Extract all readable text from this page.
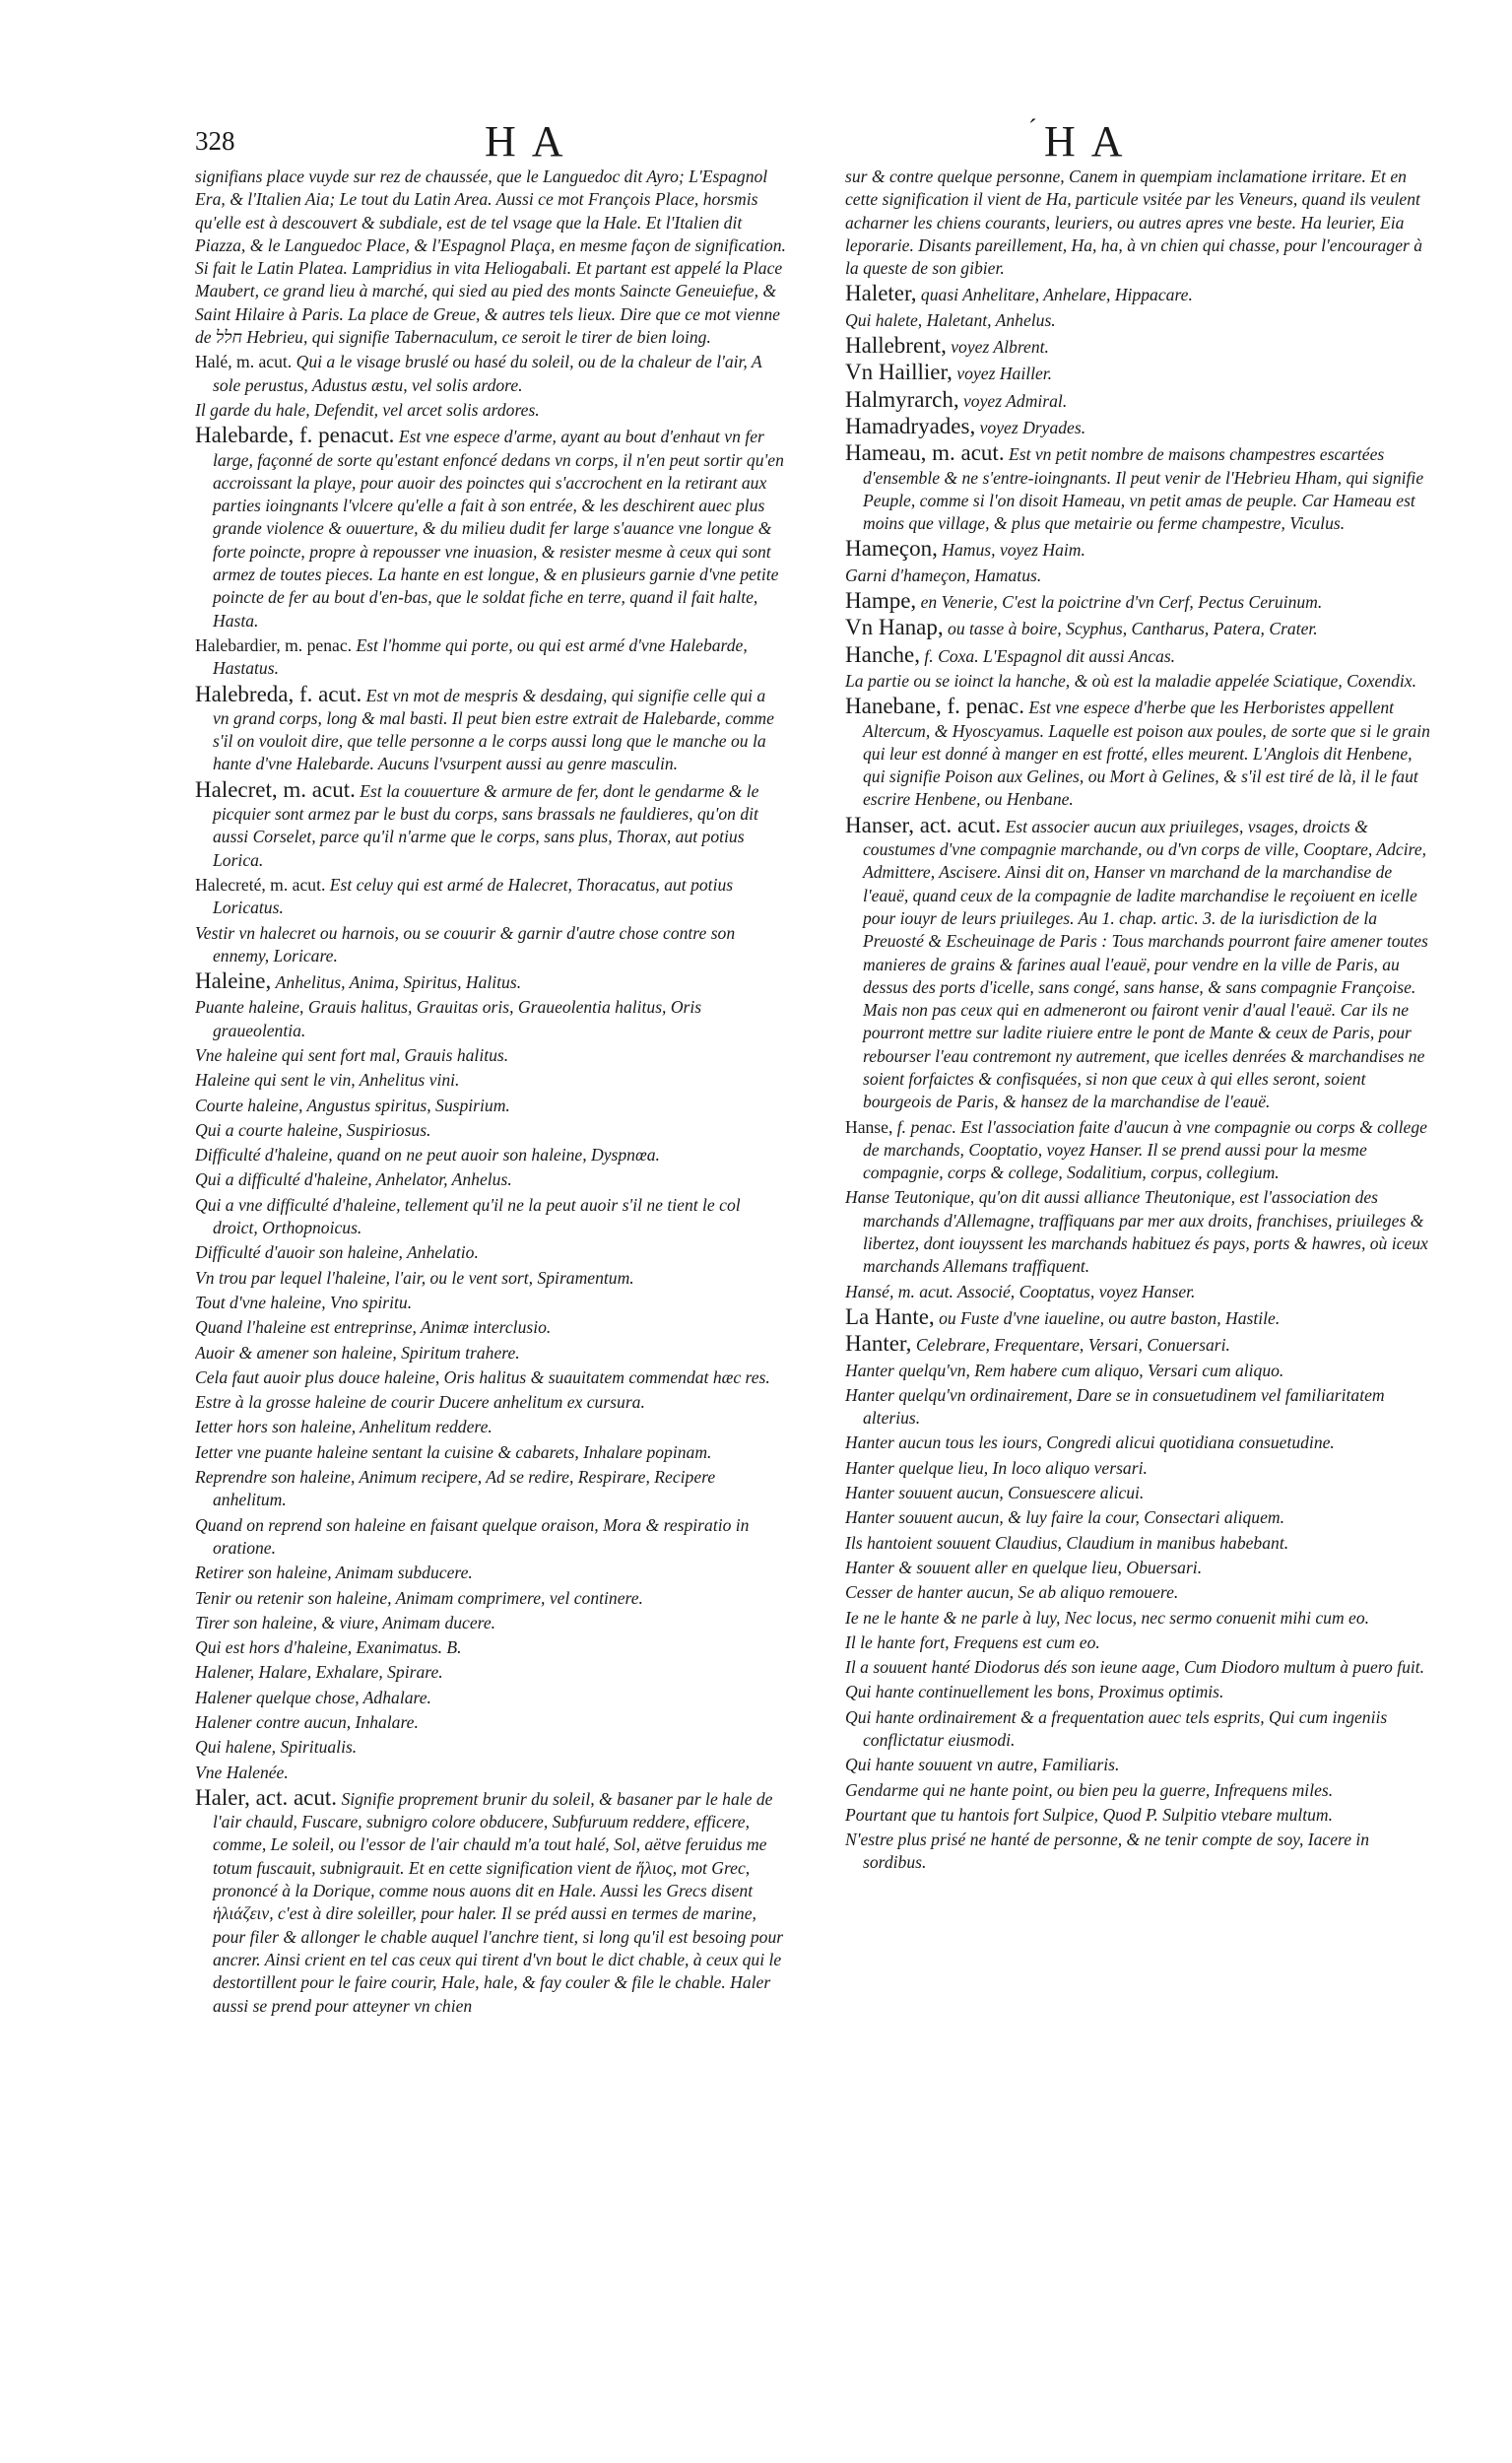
328	HA	´ HA

signifians place vuyde sur rez de chaussée, que le Languedoc dit Ayro; L'Espagnol Era, & l'Italien Aia; Le tout du Latin Area. Aussi ce mot François Place, horsmis qu'elle est à descouvert & subdiale, est de tel vsage que la Hale. Et l'Italien dit Piazza, & le Languedoc Place, & l'Espagnol Plaça, en mesme façon de signification. Si fait le Latin Platea. Lampridius in vita Heliogabali. Et partant est appelé la Place Maubert, ce grand lieu à marché, qui sied au pied des monts Saincte Geneuiefue, & Saint Hilaire à Paris. La place de Greue, & autres tels lieux. Dire que ce mot vienne de חלל Hebrieu, qui signifie Tabernaculum, ce seroit le tirer de bien loing.

Halé, m. acut. Qui a le visage bruslé ou hasé du soleil, ou de la chaleur de l'air, A sole perustus, Adustus æstu, vel solis ardore.

Il garde du hale, Defendit, vel arcet solis ardores.

Halebarde, f. penacut. Est vne espece d'arme, ayant au bout d'enhaut vn fer large, façonné de sorte qu'estant enfoncé dedans vn corps, il n'en peut sortir qu'en accroissant la playe, pour auoir des poinctes qui s'accrochent en la retirant aux parties ioingnants l'vlcere qu'elle a fait à son entrée, & les deschirent auec plus grande violence & ouuerture, & du milieu dudit fer large s'auance vne longue & forte poincte, propre à repousser vne inuasion, & resister mesme à ceux qui sont armez de toutes pieces. La hante en est longue, & en plusieurs garnie d'vne petite poincte de fer au bout d'en-bas, que le soldat fiche en terre, quand il fait halte, Hasta.

Halebardier, m. penac. Est l'homme qui porte, ou qui est armé d'vne Halebarde, Hastatus.

Halebreda, f. acut. Est vn mot de mespris & desdaing, qui signifie celle qui a vn grand corps, long & mal basti. Il peut bien estre extrait de Halebarde, comme s'il on vouloit dire, que telle personne a le corps aussi long que le manche ou la hante d'vne Halebarde. Aucuns l'vsurpent aussi au genre masculin.

Halecret, m. acut. Est la couuerture & armure de fer, dont le gendarme & le picquier sont armez par le bust du corps, sans brassals ne fauldieres, qu'on dit aussi Corselet, parce qu'il n'arme que le corps, sans plus, Thorax, aut potius Lorica.

Halecreté, m. acut. Est celuy qui est armé de Halecret, Thoracatus, aut potius Loricatus.

Vestir vn halecret ou harnois, ou se couurir & garnir d'autre chose contre son ennemy, Loricare.

Haleine, Anhelitus, Anima, Spiritus, Halitus.

Puante haleine, Grauis halitus, Grauitas oris, Graueolentia halitus, Oris graueolentia.

Vne haleine qui sent fort mal, Grauis halitus.

Haleine qui sent le vin, Anhelitus vini.

Courte haleine, Angustus spiritus, Suspirium.

Qui a courte haleine, Suspiriosus.

Difficulté d'haleine, quand on ne peut auoir son haleine, Dyspnœa.

Qui a difficulté d'haleine, Anhelator, Anhelus.

Qui a vne difficulté d'haleine, tellement qu'il ne la peut auoir s'il ne tient le col droict, Orthopnoicus.

Difficulté d'auoir son haleine, Anhelatio.

Vn trou par lequel l'haleine, l'air, ou le vent sort, Spiramentum.

Tout d'vne haleine, Vno spiritu.

Quand l'haleine est entreprinse, Animæ interclusio.

Auoir & amener son haleine, Spiritum trahere.

Cela faut auoir plus douce haleine, Oris halitus & suauitatem commendat hæc res.

Estre à la grosse haleine de courir Ducere anhelitum ex cursura.

Ietter hors son haleine, Anhelitum reddere.

Ietter vne puante haleine sentant la cuisine & cabarets, Inhalare popinam.

Reprendre son haleine, Animum recipere, Ad se redire, Respirare, Recipere anhelitum.

Quand on reprend son haleine en faisant quelque oraison, Mora & respiratio in oratione.

Retirer son haleine, Animam subducere.

Tenir ou retenir son haleine, Animam comprimere, vel continere.

Tirer son haleine, & viure, Animam ducere.

Qui est hors d'haleine, Exanimatus. B.

Halener, Halare, Exhalare, Spirare.

Halener quelque chose, Adhalare.

Halener contre aucun, Inhalare.

Qui halene, Spiritualis.

Vne Halenée.

Haler, act. acut. Signifie proprement brunir du soleil, & basaner par le hale de l'air chauld, Fuscare, subnigro colore obducere, Subfuruum reddere, efficere, comme, Le soleil, ou l'essor de l'air chauld m'a tout halé, Sol, aëtve feruidus me totum fuscauit, subnigrauit. Et en cette signification vient de ἥλιος, mot Grec, prononcé à la Dorique, comme nous auons dit en Hale. Aussi les Grecs disent ἡλιάζειν, c'est à dire soleiller, pour haler. Il se préd aussi en termes de marine, pour filer & allonger le chable auquel l'anchre tient, si long qu'il est besoing pour ancrer. Ainsi crient en tel cas ceux qui tirent d'vn bout le dict chable, à ceux qui le destortillent pour le faire courir, Hale, hale, & fay couler & file le chable. Haler aussi se prend pour atteyner vn chien

sur & contre quelque personne, Canem in quempiam inclamatione irritare. Et en cette signification il vient de Ha, particule vsitée par les Veneurs, quand ils veulent acharner les chiens courants, leuriers, ou autres apres vne beste. Ha leurier, Eia leporarie. Disants pareillement, Ha, ha, à vn chien qui chasse, pour l'encourager à la queste de son gibier.

Haleter, quasi Anhelitare, Anhelare, Hippacare.

Qui halete, Haletant, Anhelus.

Hallebrent, voyez Albrent.

Vn Haillier, voyez Hailler.

Halmyrarch, voyez Admiral.

Hamadryades, voyez Dryades.

Hameau, m. acut. Est vn petit nombre de maisons champestres escartées d'ensemble & ne s'entre-ioingnants. Il peut venir de l'Hebrieu Hham, qui signifie Peuple, comme si l'on disoit Hameau, vn petit amas de peuple. Car Hameau est moins que village, & plus que metairie ou ferme champestre, Viculus.

Hameçon, Hamus, voyez Haim.

Garni d'hameçon, Hamatus.

Hampe, en Venerie, C'est la poictrine d'vn Cerf, Pectus Ceruinum.

Vn Hanap, ou tasse à boire, Scyphus, Cantharus, Patera, Crater.

Hanche, f. Coxa. L'Espagnol dit aussi Ancas.

La partie ou se ioinct la hanche, & où est la maladie appelée Sciatique, Coxendix.

Hanebane, f. penac. Est vne espece d'herbe que les Herboristes appellent Altercum, & Hyoscyamus. Laquelle est poison aux poules, de sorte que si le grain qui leur est donné à manger en est frotté, elles meurent. L'Anglois dit Henbene, qui signifie Poison aux Gelines, ou Mort à Gelines, & s'il est tiré de là, il le faut escrire Henbene, ou Henbane.

Hanser, act. acut. Est associer aucun aux priuileges, vsages, droicts & coustumes d'vne compagnie marchande, ou d'vn corps de ville, Cooptare, Adcire, Admittere, Ascisere. Ainsi dit on, Hanser vn marchand de la marchandise de l'eauë, quand ceux de la compagnie de ladite marchandise le reçoiuent en icelle pour iouyr de leurs priuileges. Au 1. chap. artic. 3. de la iurisdiction de la Preuosté & Escheuinage de Paris : Tous marchands pourront faire amener toutes manieres de grains & farines aual l'eauë, pour vendre en la ville de Paris, au dessus des ports d'icelle, sans congé, sans hanse, & sans compagnie Françoise. Mais non pas ceux qui en admeneront ou fairont venir d'aual l'eauë. Car ils ne pourront mettre sur ladite riuiere entre le pont de Mante & ceux de Paris, pour rebourser l'eau contremont ny autrement, que icelles denrées & marchandises ne soient forfaictes & confisquées, si non que ceux à qui elles seront, soient bourgeois de Paris, & hansez de la marchandise de l'eauë.

Hanse, f. penac. Est l'association faite d'aucun à vne compagnie ou corps & college de marchands, Cooptatio, voyez Hanser. Il se prend aussi pour la mesme compagnie, corps & college, Sodalitium, corpus, collegium.

Hanse Teutonique, qu'on dit aussi alliance Theutonique, est l'association des marchands d'Allemagne, traffiquans par mer aux droits, franchises, priuileges & libertez, dont iouyssent les marchands habituez és pays, ports & hawres, où iceux marchands Allemans traffiquent.

Hansé, m. acut. Associé, Cooptatus, voyez Hanser.

La Hante, ou Fuste d'vne iaueline, ou autre baston, Hastile.

Hanter, Celebrare, Frequentare, Versari, Conuersari.

Hanter quelqu'vn, Rem habere cum aliquo, Versari cum aliquo.

Hanter quelqu'vn ordinairement, Dare se in consuetudinem vel familiaritatem alterius.

Hanter aucun tous les iours, Congredi alicui quotidiana consuetudine.

Hanter quelque lieu, In loco aliquo versari.

Hanter souuent aucun, Consuescere alicui.

Hanter souuent aucun, & luy faire la cour, Consectari aliquem.

Ils hantoient souuent Claudius, Claudium in manibus habebant.

Hanter & souuent aller en quelque lieu, Obuersari.

Cesser de hanter aucun, Se ab aliquo remouere.

Ie ne le hante & ne parle à luy, Nec locus, nec sermo conuenit mihi cum eo.

Il le hante fort, Frequens est cum eo.

Il a souuent hanté Diodorus dés son ieune aage, Cum Diodoro multum à puero fuit.

Qui hante continuellement les bons, Proximus optimis.

Qui hante ordinairement & a frequentation auec tels esprits, Qui cum ingeniis conflictatur eiusmodi.

Qui hante souuent vn autre, Familiaris.

Gendarme qui ne hante point, ou bien peu la guerre, Infrequens miles.

Pourtant que tu hantois fort Sulpice, Quod P. Sulpitio vtebare multum.

N'estre plus prisé ne hanté de personne, & ne tenir compte de soy, Iacere in sordibus.
